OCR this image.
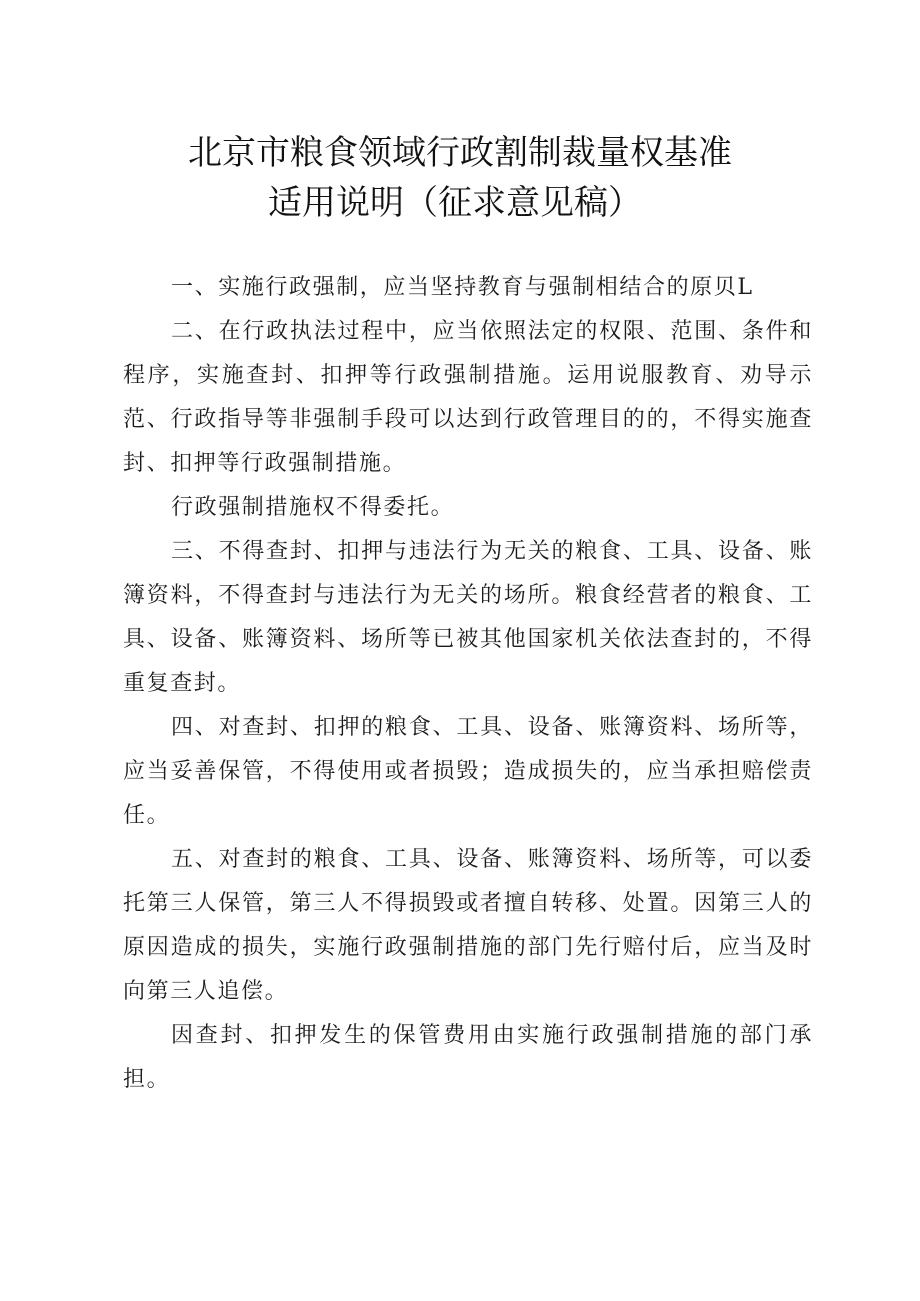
北京市粮食领域行政割制裁量权基准
适用说明（征求意见稿）

一、实施行政强制，应当坚持教育与强制相结合的原贝L

二、在行政执法过程中，应当依照法定的权限、范围、条件和程序，实施查封、扣押等行政强制措施。运用说服教育、劝导示范、行政指导等非强制手段可以达到行政管理目的的，不得实施查封、扣押等行政强制措施。

行政强制措施权不得委托。

三、不得查封、扣押与违法行为无关的粮食、工具、设备、账簿资料，不得查封与违法行为无关的场所。粮食经营者的粮食、工具、设备、账簿资料、场所等已被其他国家机关依法查封的，不得重复查封。

四、对查封、扣押的粮食、工具、设备、账簿资料、场所等，应当妥善保管，不得使用或者损毁；造成损失的，应当承担赔偿责任。

五、对查封的粮食、工具、设备、账簿资料、场所等，可以委托第三人保管，第三人不得损毁或者擅自转移、处置。因第三人的原因造成的损失，实施行政强制措施的部门先行赔付后，应当及时向第三人追偿。

因查封、扣押发生的保管费用由实施行政强制措施的部门承担。
